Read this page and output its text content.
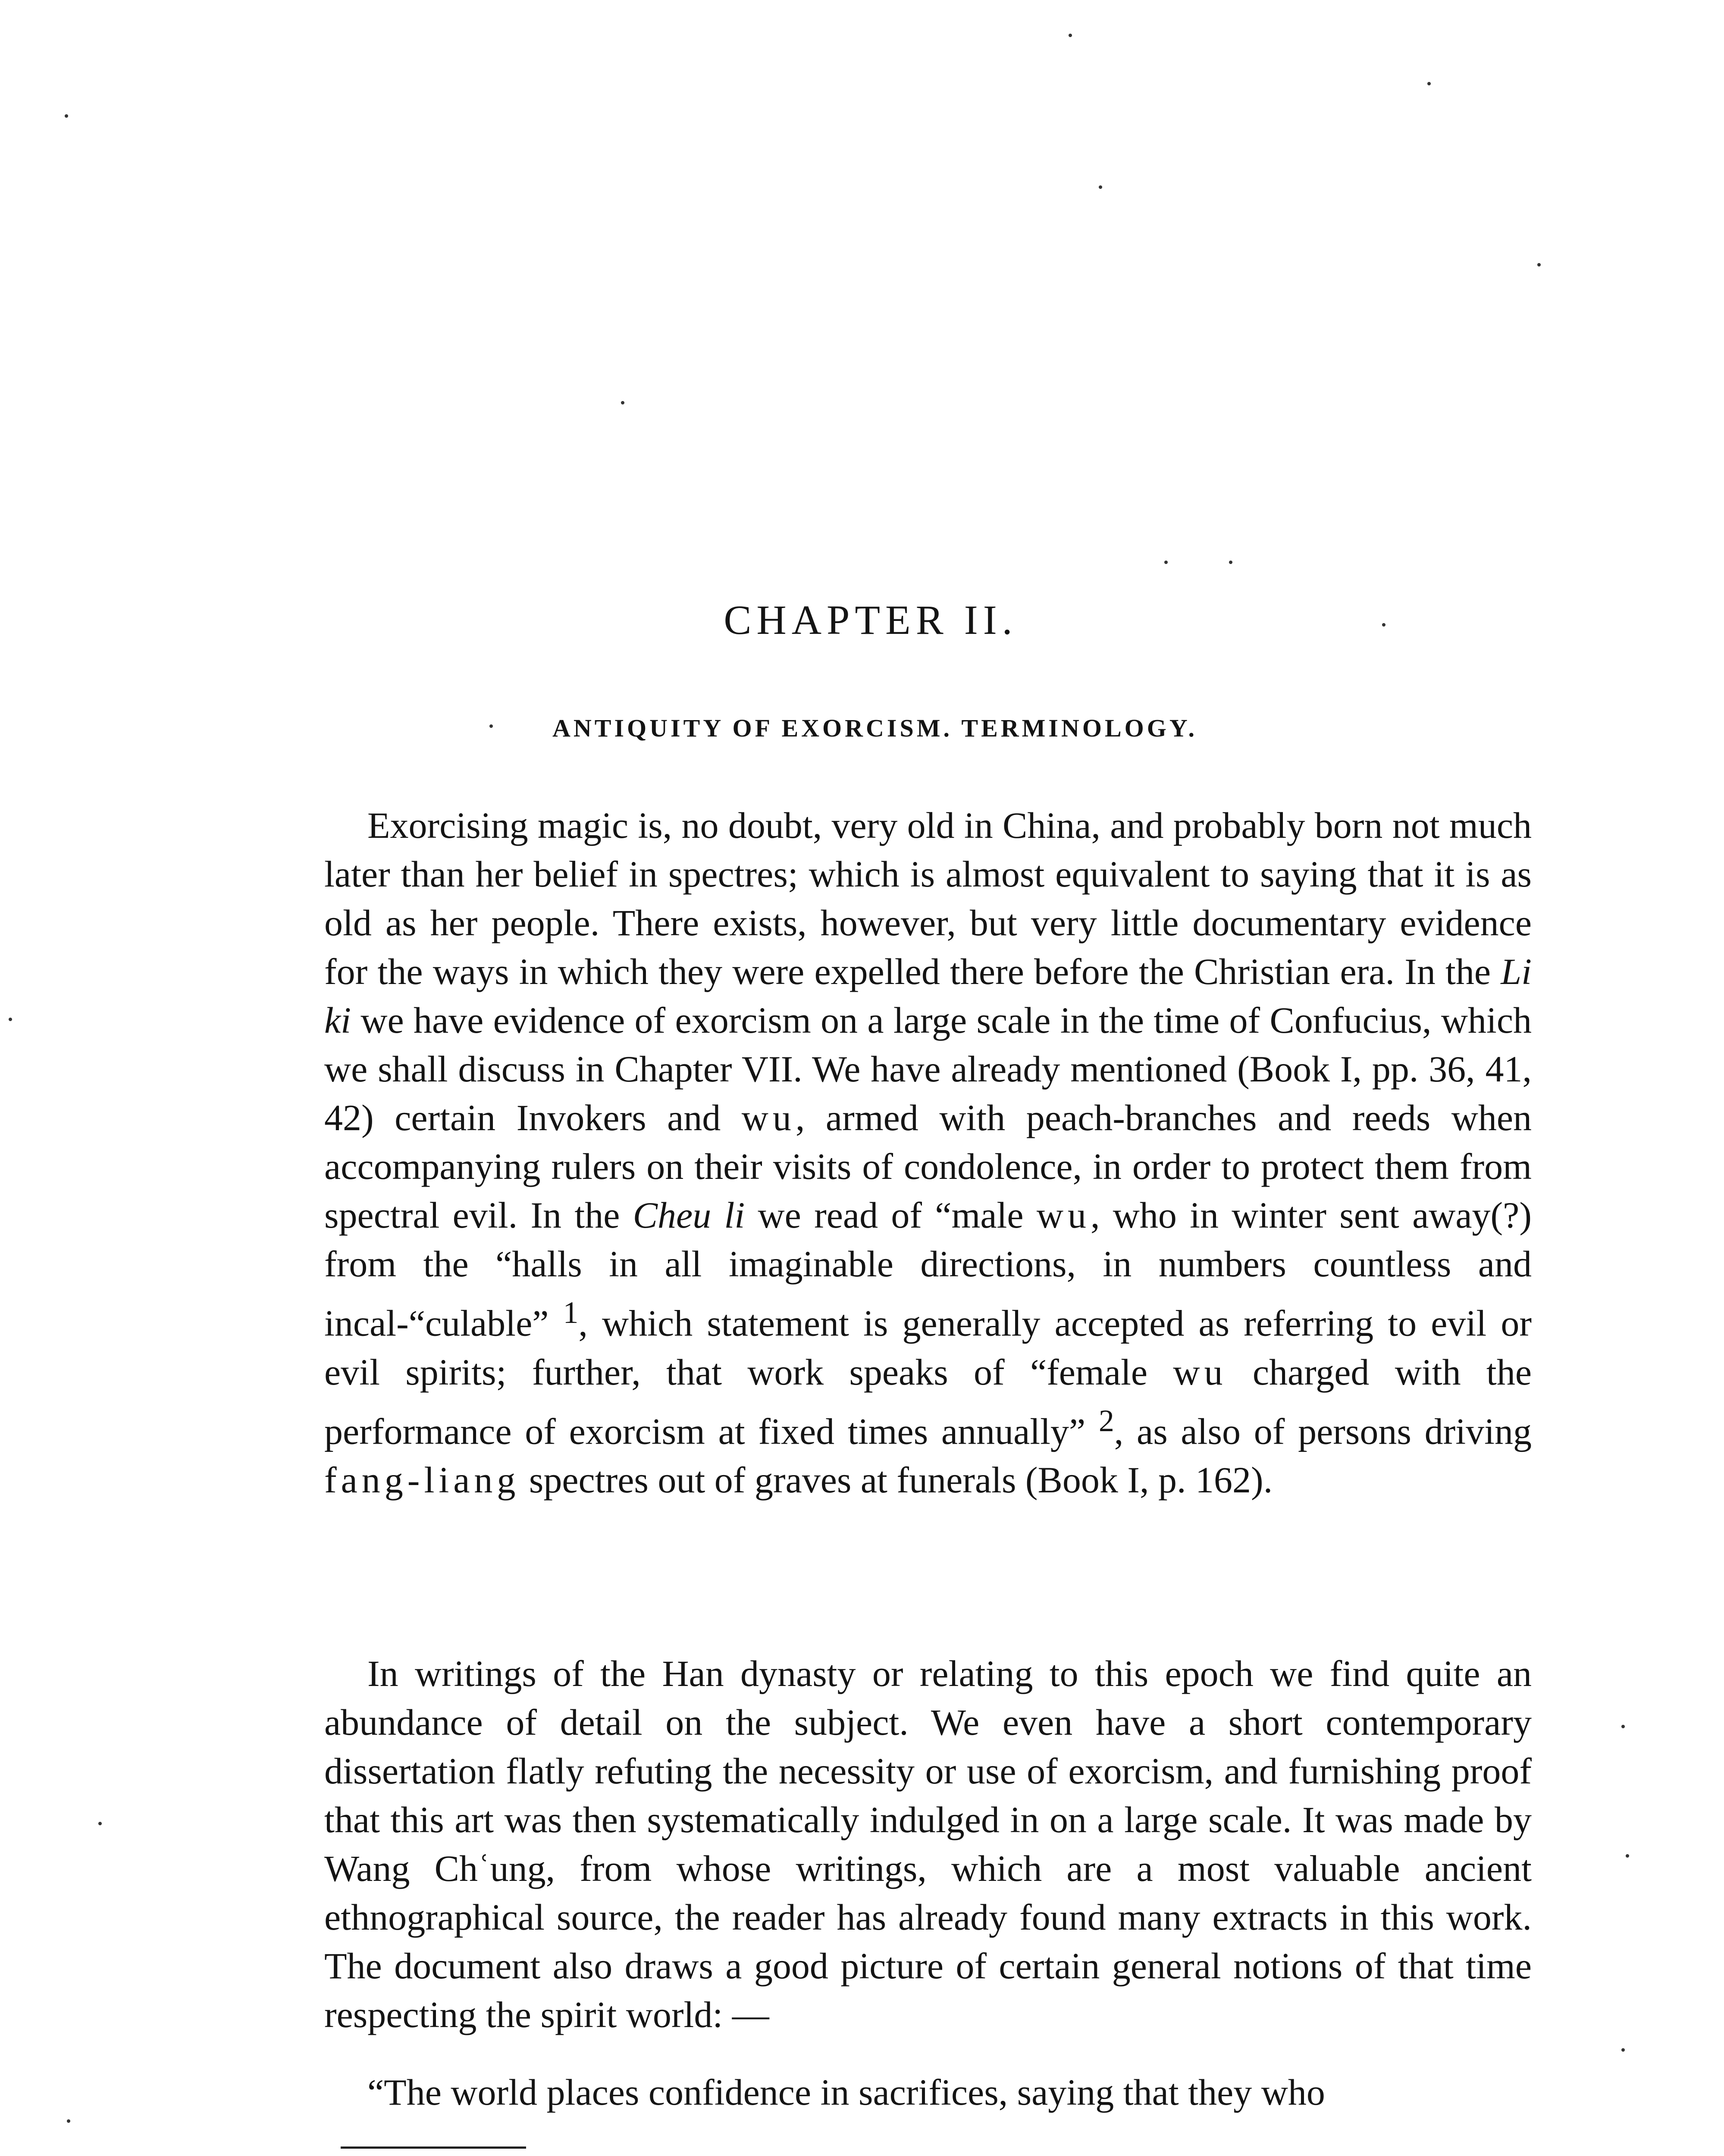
CHAPTER II.
ANTIQUITY OF EXORCISM. TERMINOLOGY.

Exorcising magic is, no doubt, very old in China, and probably born not much later than her belief in spectres; which is almost equivalent to saying that it is as old as her people. There exists, however, but very little documentary evidence for the ways in which they were expelled there before the Christian era. In the Li ki we have evidence of exorcism on a large scale in the time of Confucius, which we shall discuss in Chapter VII. We have already mentioned (Book I, pp. 36, 41, 42) certain Invokers and wu, armed with peach-branches and reeds when accompanying rulers on their visits of condolence, in order to protect them from spectral evil. In the Cheu li we read of “male wu, who in winter sent away(?) from the “halls in all imaginable directions, in numbers countless and incal-“culable” $^1$, which statement is generally accepted as referring to evil or evil spirits; further, that work speaks of “female wu charged with the performance of exorcism at fixed times annually” $^2$, as also of persons driving fang-liang spectres out of graves at funerals (Book I, p. 162).

In writings of the Han dynasty or relating to this epoch we find quite an abundance of detail on the subject. We even have a short contemporary dissertation flatly refuting the necessity or use of exorcism, and furnishing proof that this art was then systematically indulged in on a large scale. It was made by Wang Chʿung, from whose writings, which are a most valuable ancient ethnographical source, the reader has already found many extracts in this work. The document also draws a good picture of certain general notions of that time respecting the spirit world: —

“The world places confidence in sacrifices, saying that they who
